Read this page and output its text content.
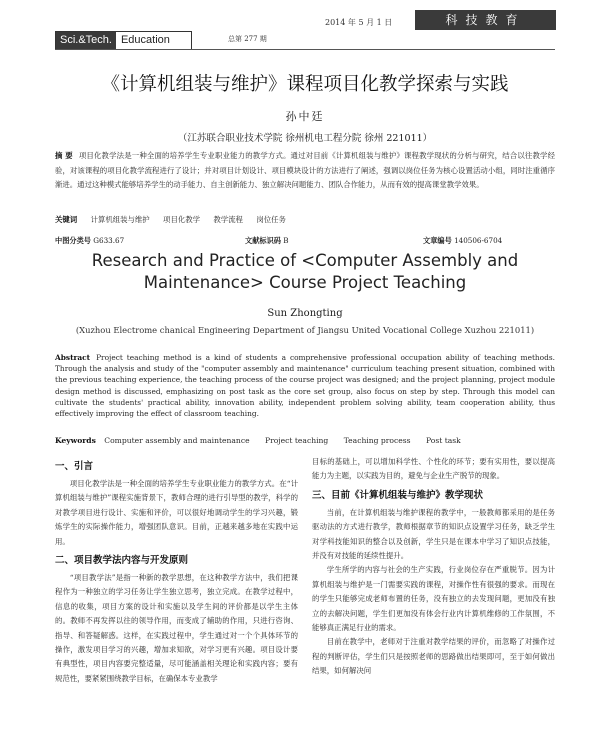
Sci.&Tech. Education
2014 年 5 月 1 日
总第 277 期
科技教育
《计算机组装与维护》课程项目化教学探索与实践
孙中廷
（江苏联合职业技术学院 徐州机电工程分院 徐州 221011）
摘 要 项目化教学法是一种全面的培养学生专业职业能力的教学方式。通过对目前《计算机组装与维护》课程教学现状的分析与研究，结合以往教学经验，对该课程的项目化教学流程进行了设计；并对项目计划设计、项目模块设计的方法进行了阐述，强调以岗位任务为核心设置活动小组，同时注重循序渐进。通过这种模式能够培养学生的动手能力、自主创新能力、独立解决问题能力、团队合作能力，从而有效的提高课堂教学效果。
关键词 计算机组装与维护 项目化教学 教学流程 岗位任务
中图分类号 G633.67	文献标识码 B	文章编号 140506-6704
Research and Practice of <Computer Assembly and Maintenance> Course Project Teaching
Sun Zhongting
(Xuzhou Electrome chanical Engineering Department of Jiangsu United Vocational College Xuzhou 221011)
Abstract Project teaching method is a kind of students a comprehensive professional occupation ability of teaching methods. Through the analysis and study of the "computer assembly and maintenance" curriculum teaching present situation, combined with the previous teaching experience, the teaching process of the course project was designed; and the project planning, project module design method is discussed, emphasizing on post task as the core set group, also focus on step by step. Through this model can cultivate the students' practical ability, innovation ability, independent problem solving ability, team cooperation ability, thus effectively improving the effect of classroom teaching.
Keywords Computer assembly and maintenance Project teaching Teaching process Post task
一、引言

项目化教学法是一种全面的培养学生专业职业能力的教学方式。在“计算机组装与维护”课程实施背景下，教师合理的进行引导型的教学，科学的对教学项目进行设计、实施和评价，可以很好地调动学生的学习兴趣，锻炼学生的实际操作能力，增强团队意识。目前，正越来越多地在实践中运用。

二、项目教学法内容与开发原则

“项目教学法”是指一种新的教学思想，在这种教学方法中，我们把课程作为一种独立的学习任务让学生独立思考，独立完成。在教学过程中，信息的收集，项目方案的设计和实施以及学生间的评价都是以学生主体的。教师不再发挥以往的领导作用，而变成了辅助的作用，只进行咨询、指导、和答疑解惑。这样，在实践过程中，学生通过对一个个具体环节的操作，激发项目学习的兴趣，增加求知欲，对学习更有兴趣。项目设计要有典型性，项目内容要完整适量，尽可能涵盖相关理论和实践内容；要有规范性，要紧紧围绕教学目标，在确保本专业教学

目标的基础上，可以增加科学性、个性化的环节；要有实用性，要以提高能力为主题，以实践为目的，避免与企业生产脱节的现象。

三、目前《计算机组装与维护》教学现状

当前，在计算机组装与维护课程的教学中，一般教师都采用的是任务驱动法的方式进行教学，教师根据章节的知识点设置学习任务，缺乏学生对学科技能知识的整合以及创新，学生只是在课本中学习了知识点技能，并没有对技能的延续性提升。

学生所学的内容与社会的生产实践，行业岗位存在严重脱节。因为计算机组装与维护是一门需要实践的课程，对操作性有很强的要求。而现在的学生只能够完成老师布置的任务，没有独立的去发现问题，更加没有独立的去解决问题，学生们更加没有体会行业内计算机维修的工作氛围，不能够真正满足行业的需求。

目前在教学中，老师对于注重对教学结果的评价，而忽略了对操作过程的判断评估，学生们只是按照老师的思路做出结果即可，至于如何做出结果，如何解决问
